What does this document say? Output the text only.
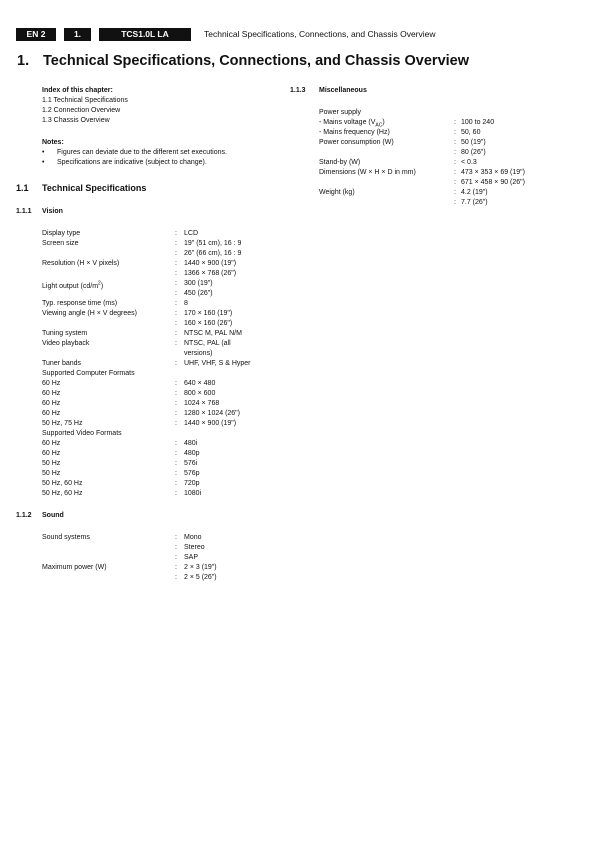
EN 2	1.	TCS1.0L LA	Technical Specifications, Connections, and Chassis Overview
1. Technical Specifications, Connections, and Chassis Overview
Index of this chapter:
1.1 Technical Specifications
1.2 Connection Overview
1.3 Chassis Overview
Notes:
• Figures can deviate due to the different set executions.
• Specifications are indicative (subject to change).
1.1 Technical Specifications
1.1.1 Vision
Display type	: LCD
Screen size	: 19" (51 cm), 16 : 9
: 26" (66 cm), 16 : 9
Resolution (H × V pixels)	: 1440 × 900 (19")
: 1366 × 768 (26")
Light output $(cd/m^2)$	: 300 (19")
: 450 (26")
Typ. response time (ms)	: 8
Viewing angle (H × V degrees)	: 170 × 160 (19")
: 160 × 160 (26")
Tuning system	: NTSC M, PAL N/M
Video playback	: NTSC, PAL (all
versions)
Tuner bands	: UHF, VHF, S & Hyper
Supported Computer Formats
60 Hz	: 640 × 480
60 Hz	: 800 × 600
60 Hz	: 1024 × 768
60 Hz	: 1280 × 1024 (26")
50 Hz, 75 Hz	: 1440 × 900 (19")
Supported Video Formats
60 Hz	: 480i
60 Hz	: 480p
50 Hz	: 576i
50 Hz	: 576p
50 Hz, 60 Hz	: 720p
50 Hz, 60 Hz	: 1080i
1.1.2 Sound
Sound systems	: Mono
: Stereo
: SAP
Maximum power (W)	: 2 × 3 (19")
: 2 × 5 (26")
1.1.3 Miscellaneous
Power supply
- Mains voltage $(V_{AC})$	: 100 to 240
- Mains frequency (Hz)	: 50, 60
Power consumption (W)	: 50 (19")
: 80 (26")
Stand-by (W)	: < 0.3
Dimensions (W × H × D in mm)	: 473 × 353 × 69 (19")
: 671 × 458 × 90 (26")
Weight (kg)	: 4.2 (19")
: 7.7 (26")
